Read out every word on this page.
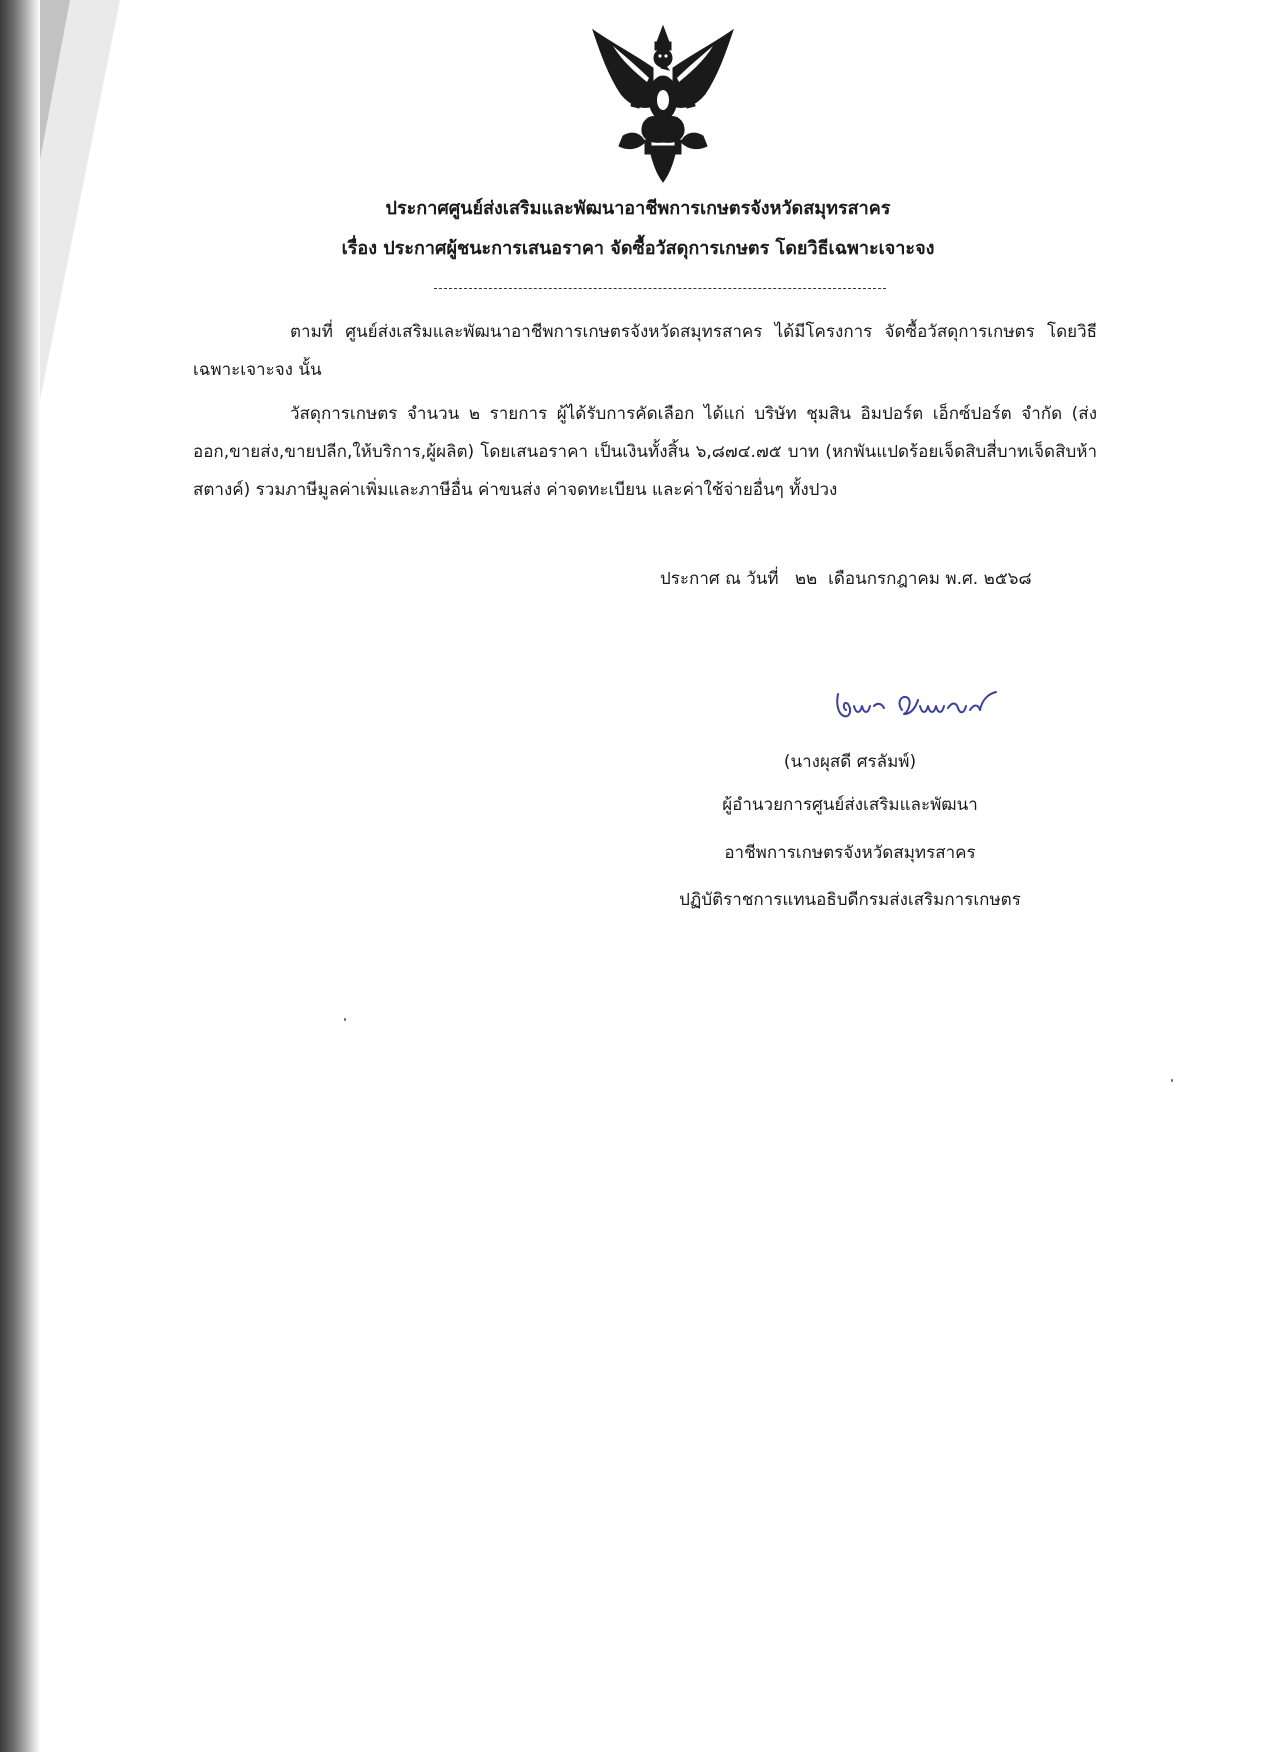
ประกาศศูนย์ส่งเสริมและพัฒนาอาชีพการเกษตรจังหวัดสมุทรสาคร
เรื่อง ประกาศผู้ชนะการเสนอราคา จัดซื้อวัสดุการเกษตร โดยวิธีเฉพาะเจาะจง
ตามที่ ศูนย์ส่งเสริมและพัฒนาอาชีพการเกษตรจังหวัดสมุทรสาคร ได้มีโครงการ จัดซื้อวัสดุการเกษตร โดยวิธีเฉพาะเจาะจง นั้น
วัสดุการเกษตร จำนวน ๒ รายการ ผู้ได้รับการคัดเลือก ได้แก่ บริษัท ชุมสิน อิมปอร์ต เอ็กซ์ปอร์ต จำกัด (ส่งออก,ขายส่ง,ขายปลีก,ให้บริการ,ผู้ผลิต) โดยเสนอราคา เป็นเงินทั้งสิ้น ๖,๘๗๔.๗๕ บาท (หกพันแปดร้อยเจ็ดสิบสี่บาทเจ็ดสิบห้าสตางค์) รวมภาษีมูลค่าเพิ่มและภาษีอื่น ค่าขนส่ง ค่าจดทะเบียน และค่าใช้จ่ายอื่นๆ ทั้งปวง
ประกาศ ณ วันที่   ๒๒  เดือนกรกฎาคม พ.ศ. ๒๕๖๘
(นางผุสดี ศรลัมพ์)
ผู้อำนวยการศูนย์ส่งเสริมและพัฒนา
อาชีพการเกษตรจังหวัดสมุทรสาคร
ปฏิบัติราชการแทนอธิบดีกรมส่งเสริมการเกษตร
